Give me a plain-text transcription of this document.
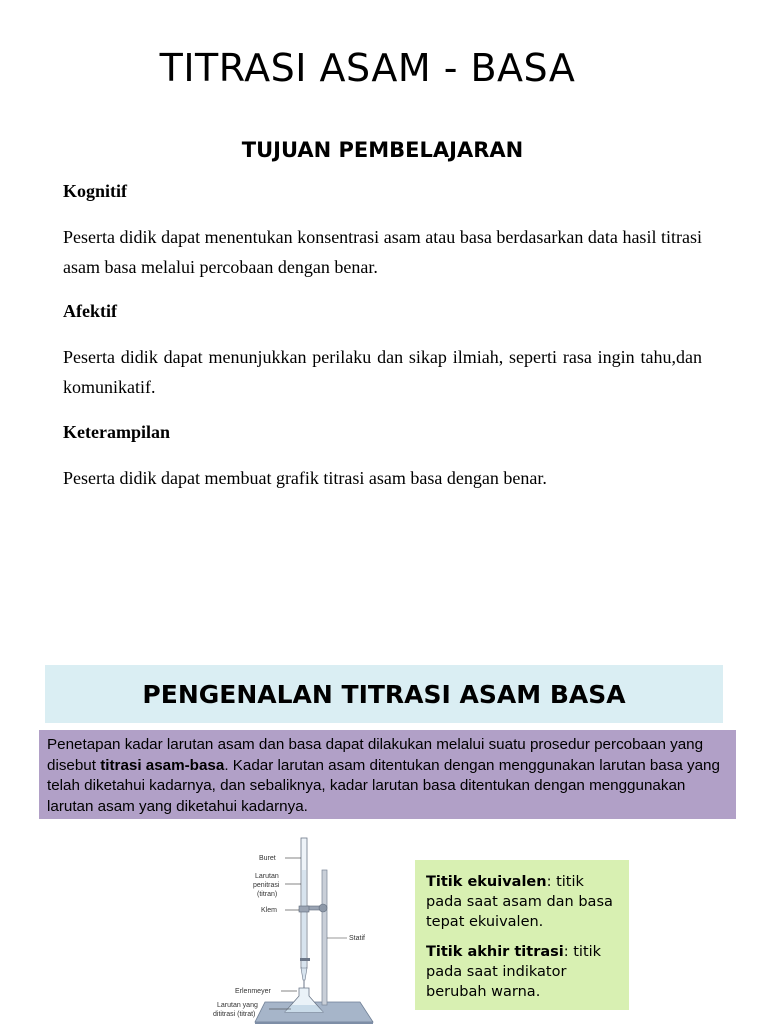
TITRASI ASAM - BASA
TUJUAN PEMBELAJARAN

Kognitif

Peserta didik dapat menentukan konsentrasi asam atau basa berdasarkan data hasil titrasi asam basa melalui percobaan dengan benar.

Afektif

Peserta didik dapat menunjukkan perilaku dan sikap ilmiah, seperti rasa ingin tahu,dan komunikatif.

Keterampilan

Peserta didik dapat membuat grafik titrasi asam basa dengan benar.

PENGENALAN TITRASI ASAM BASA
Penetapan kadar larutan asam dan basa dapat dilakukan melalui suatu prosedur percobaan yang disebut titrasi asam-basa. Kadar larutan asam ditentukan dengan menggunakan larutan basa yang telah diketahui kadarnya, dan sebaliknya, kadar larutan basa ditentukan dengan menggunakan larutan asam yang diketahui kadarnya.
Buret
Larutan
penitrasi
(titran)
Klem
Statif
Erlenmeyer
Larutan yang
dititrasi (titrat)

Titik ekuivalen: titik pada saat asam dan basa tepat ekuivalen.

Titik akhir titrasi: titik pada saat indikator berubah warna.
